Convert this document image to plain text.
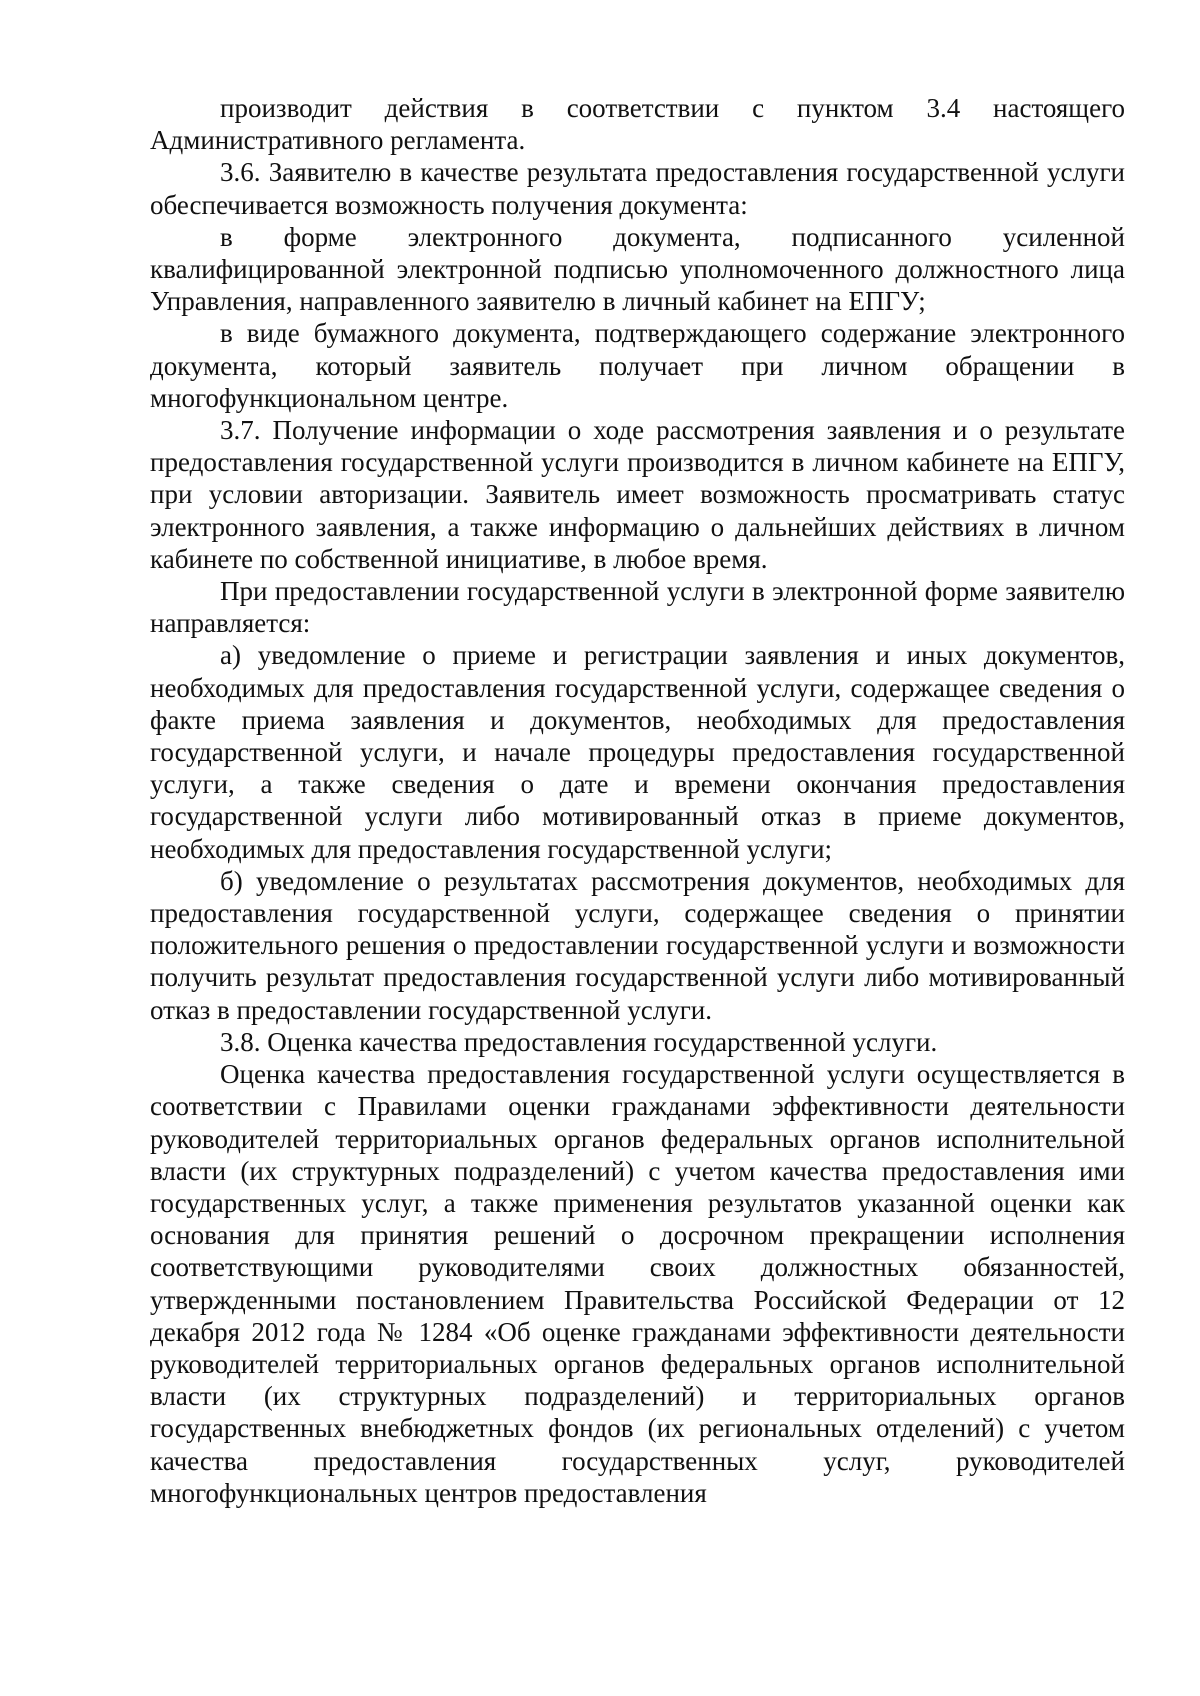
производит действия в соответствии с пунктом 3.4 настоящего Административного регламента.

3.6. Заявителю в качестве результата предоставления государственной услуги обеспечивается возможность получения документа:

в форме электронного документа, подписанного усиленной квалифицированной электронной подписью уполномоченного должностного лица Управления, направленного заявителю в личный кабинет на ЕПГУ;

в виде бумажного документа, подтверждающего содержание электронного документа, который заявитель получает при личном обращении в многофункциональном центре.

3.7. Получение информации о ходе рассмотрения заявления и о результате предоставления государственной услуги производится в личном кабинете на ЕПГУ, при условии авторизации. Заявитель имеет возможность просматривать статус электронного заявления, а также информацию о дальнейших действиях в личном кабинете по собственной инициативе, в любое время.

При предоставлении государственной услуги в электронной форме заявителю направляется:

а) уведомление о приеме и регистрации заявления и иных документов, необходимых для предоставления государственной услуги, содержащее сведения о факте приема заявления и документов, необходимых для предоставления государственной услуги, и начале процедуры предоставления государственной услуги, а также сведения о дате и времени окончания предоставления государственной услуги либо мотивированный отказ в приеме документов, необходимых для предоставления государственной услуги;

б) уведомление о результатах рассмотрения документов, необходимых для предоставления государственной услуги, содержащее сведения о принятии положительного решения о предоставлении государственной услуги и возможности получить результат предоставления государственной услуги либо мотивированный отказ в предоставлении государственной услуги.

3.8. Оценка качества предоставления государственной услуги.

Оценка качества предоставления государственной услуги осуществляется в соответствии с Правилами оценки гражданами эффективности деятельности руководителей территориальных органов федеральных органов исполнительной власти (их структурных подразделений) с учетом качества предоставления ими государственных услуг, а также применения результатов указанной оценки как основания для принятия решений о досрочном прекращении исполнения соответствующими руководителями своих должностных обязанностей, утвержденными постановлением Правительства Российской Федерации от 12 декабря 2012 года № 1284 «Об оценке гражданами эффективности деятельности руководителей территориальных органов федеральных органов исполнительной власти (их структурных подразделений) и территориальных органов государственных внебюджетных фондов (их региональных отделений) с учетом качества предоставления государственных услуг, руководителей многофункциональных центров предоставления
